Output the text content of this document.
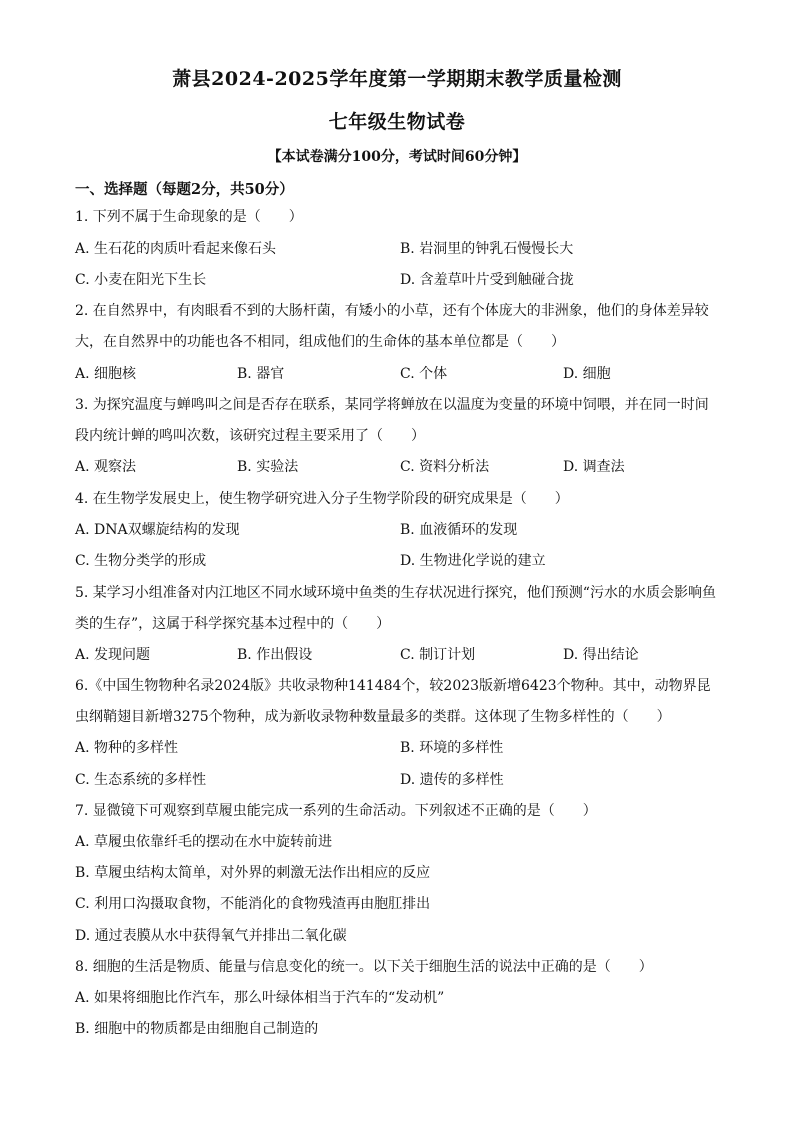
萧县2024-2025学年度第一学期期末教学质量检测
七年级生物试卷
【本试卷满分100分，考试时间60分钟】
一、选择题（每题2分，共50分）
1. 下列不属于生命现象的是（　　）
A. 生石花的肉质叶看起来像石头	B. 岩洞里的钟乳石慢慢长大
C. 小麦在阳光下生长	D. 含羞草叶片受到触碰合拢
2. 在自然界中，有肉眼看不到的大肠杆菌，有矮小的小草，还有个体庞大的非洲象，他们的身体差异较
大，在自然界中的功能也各不相同，组成他们的生命体的基本单位都是（　　）
A. 细胞核	B. 器官	C. 个体	D. 细胞
3. 为探究温度与蝉鸣叫之间是否存在联系，某同学将蝉放在以温度为变量的环境中饲喂，并在同一时间
段内统计蝉的鸣叫次数，该研究过程主要采用了（　　）
A. 观察法	B. 实验法	C. 资料分析法	D. 调查法
4. 在生物学发展史上，使生物学研究进入分子生物学阶段的研究成果是（　　）
A. DNA双螺旋结构的发现	B. 血液循环的发现
C. 生物分类学的形成	D. 生物进化学说的建立
5. 某学习小组准备对内江地区不同水域环境中鱼类的生存状况进行探究，他们预测“污水的水质会影响鱼
类的生存”，这属于科学探究基本过程中的（　　）
A. 发现问题	B. 作出假设	C. 制订计划	D. 得出结论
6.《中国生物物种名录2024版》共收录物种141484个，较2023版新增6423个物种。其中，动物界昆
虫纲鞘翅目新增3275个物种，成为新收录物种数量最多的类群。这体现了生物多样性的（　　）
A. 物种的多样性	B. 环境的多样性
C. 生态系统的多样性	D. 遗传的多样性
7. 显微镜下可观察到草履虫能完成一系列的生命活动。下列叙述不正确的是（　　）
A. 草履虫依靠纤毛的摆动在水中旋转前进
B. 草履虫结构太简单，对外界的刺激无法作出相应的反应
C. 利用口沟摄取食物，不能消化的食物残渣再由胞肛排出
D. 通过表膜从水中获得氧气并排出二氧化碳
8. 细胞的生活是物质、能量与信息变化的统一。以下关于细胞生活的说法中正确的是（　　）
A. 如果将细胞比作汽车，那么叶绿体相当于汽车的“发动机”
B. 细胞中的物质都是由细胞自己制造的
